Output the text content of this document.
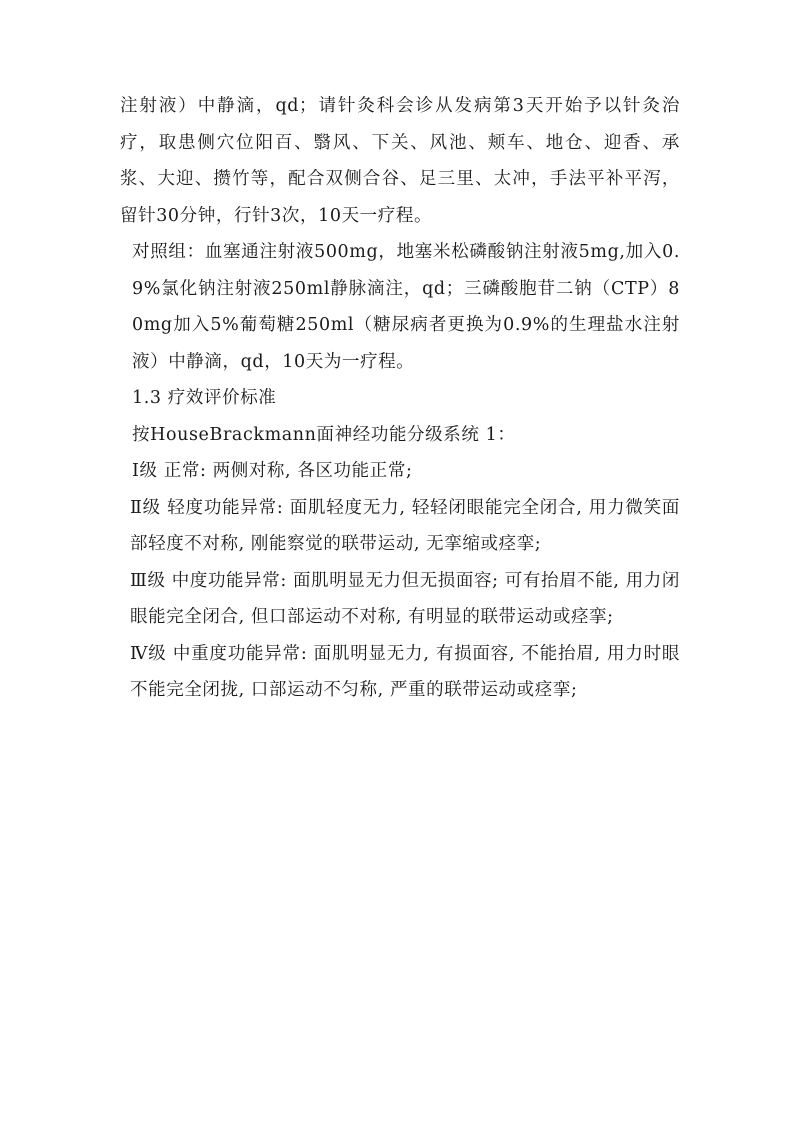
注射液）中静滴，qd；请针灸科会诊从发病第3天开始予以针灸治疗，取患侧穴位阳百、翳风、下关、风池、颊车、地仓、迎香、承浆、大迎、攒竹等，配合双侧合谷、足三里、太冲，手法平补平泻，留针30分钟，行针3次，10天一疗程。

对照组：血塞通注射液500mg，地塞米松磷酸钠注射液5mg,加入0.9%氯化钠注射液250ml静脉滴注，qd；三磷酸胞苷二钠（CTP）80mg加入5%葡萄糖250ml（糖尿病者更换为0.9%的生理盐水注射液）中静滴，qd，10天为一疗程。

1.3 疗效评价标准

按HouseBrackmann面神经功能分级系统 1：

Ⅰ级 正常: 两侧对称, 各区功能正常;

Ⅱ级 轻度功能异常: 面肌轻度无力, 轻轻闭眼能完全闭合, 用力微笑面部轻度不对称, 刚能察觉的联带运动, 无挛缩或痉挛;

Ⅲ级 中度功能异常: 面肌明显无力但无损面容; 可有抬眉不能, 用力闭眼能完全闭合, 但口部运动不对称, 有明显的联带运动或痉挛;

Ⅳ级 中重度功能异常: 面肌明显无力, 有损面容, 不能抬眉, 用力时眼不能完全闭拢, 口部运动不匀称, 严重的联带运动或痉挛;
